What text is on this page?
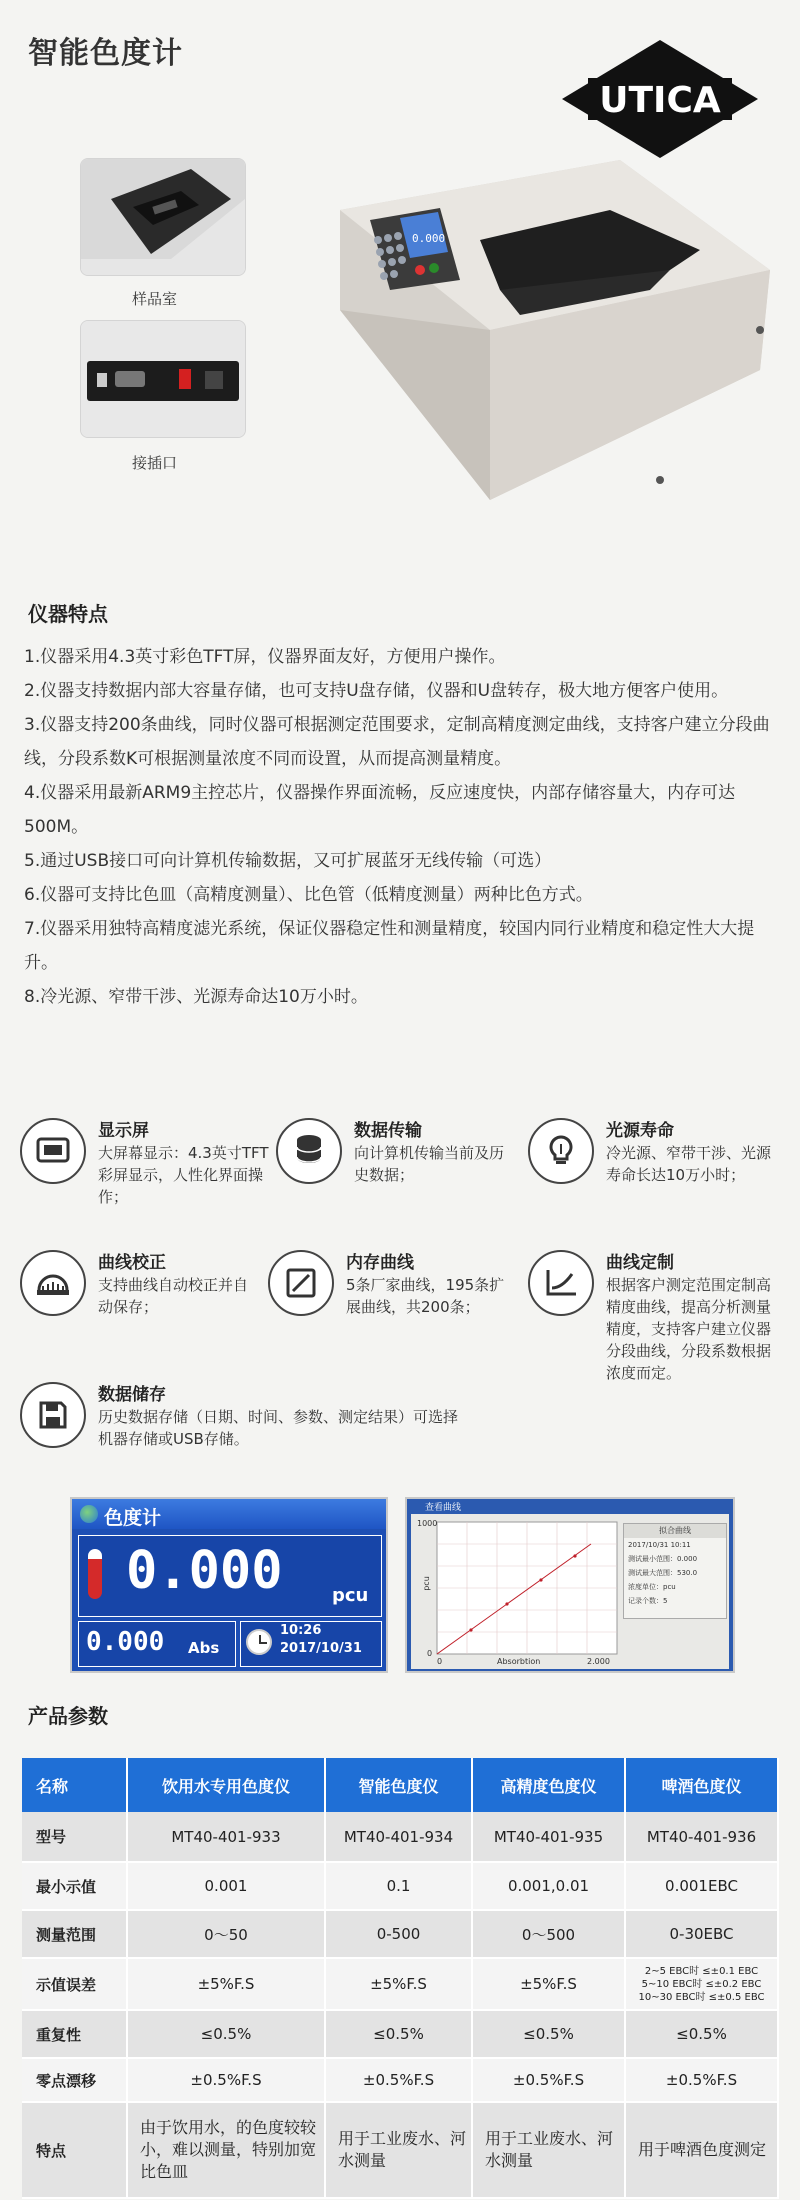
智能色度计
UTICA
样品室
接插口
0.000
仪器特点
1.仪器采用4.3英寸彩色TFT屏，仪器界面友好，方便用户操作。
2.仪器支持数据内部大容量存储，也可支持U盘存储，仪器和U盘转存，极大地方便客户使用。
3.仪器支持200条曲线，同时仪器可根据测定范围要求，定制高精度测定曲线，支持客户建立分段曲线，分段系数K可根据测量浓度不同而设置，从而提高测量精度。
4.仪器采用最新ARM9主控芯片，仪器操作界面流畅，反应速度快，内部存储容量大，内存可达500M。
5.通过USB接口可向计算机传输数据，又可扩展蓝牙无线传输（可选）
6.仪器可支持比色皿（高精度测量）、比色管（低精度测量）两种比色方式。
7.仪器采用独特高精度滤光系统，保证仪器稳定性和测量精度，较国内同行业精度和稳定性大大提升。
8.冷光源、窄带干涉、光源寿命达10万小时。
显示屏
大屏幕显示：4.3英寸TFT彩屏显示，人性化界面操作；
数据传输
向计算机传输当前及历史数据；
光源寿命
冷光源、窄带干涉、光源寿命长达10万小时；
曲线校正
支持曲线自动校正并自动保存；
内存曲线
5条厂家曲线，195条扩展曲线，共200条；
曲线定制
根据客户测定范围定制高精度曲线，提高分析测量精度，支持客户建立仪器分段曲线，分段系数根据浓度而定。
数据储存
历史数据存储（日期、时间、参数、测定结果）可选择机器存储或USB存储。
色度计
0.000	pcu
0.000 Abs
10:26
2017/10/31
查看曲线
1000
pcu
0
0	Absorbtion	2.000
拟合曲线
2017/10/31 10:11
测试最小范围：0.000
测试最大范围：530.0
浓度单位：pcu
记录个数：5
产品参数
名称	饮用水专用色度仪	智能色度仪	高精度色度仪	啤酒色度仪
型号	MT40-401-933	MT40-401-934	MT40-401-935	MT40-401-936
最小示值	0.001	0.1	0.001,0.01	0.001EBC
测量范围	0～50	0-500	0～500	0-30EBC
示值误差	±5%F.S	±5%F.S	±5%F.S	2~5 EBC时 ≤±0.1 EBC
5~10 EBC时 ≤±0.2 EBC
10~30 EBC时 ≤±0.5 EBC
重复性	≤0.5%	≤0.5%	≤0.5%	≤0.5%
零点漂移	±0.5%F.S	±0.5%F.S	±0.5%F.S	±0.5%F.S
特点	由于饮用水，的色度较较小，难以测量，特别加宽比色皿	用于工业废水、河水测量	用于工业废水、河水测量	用于啤酒色度测定
